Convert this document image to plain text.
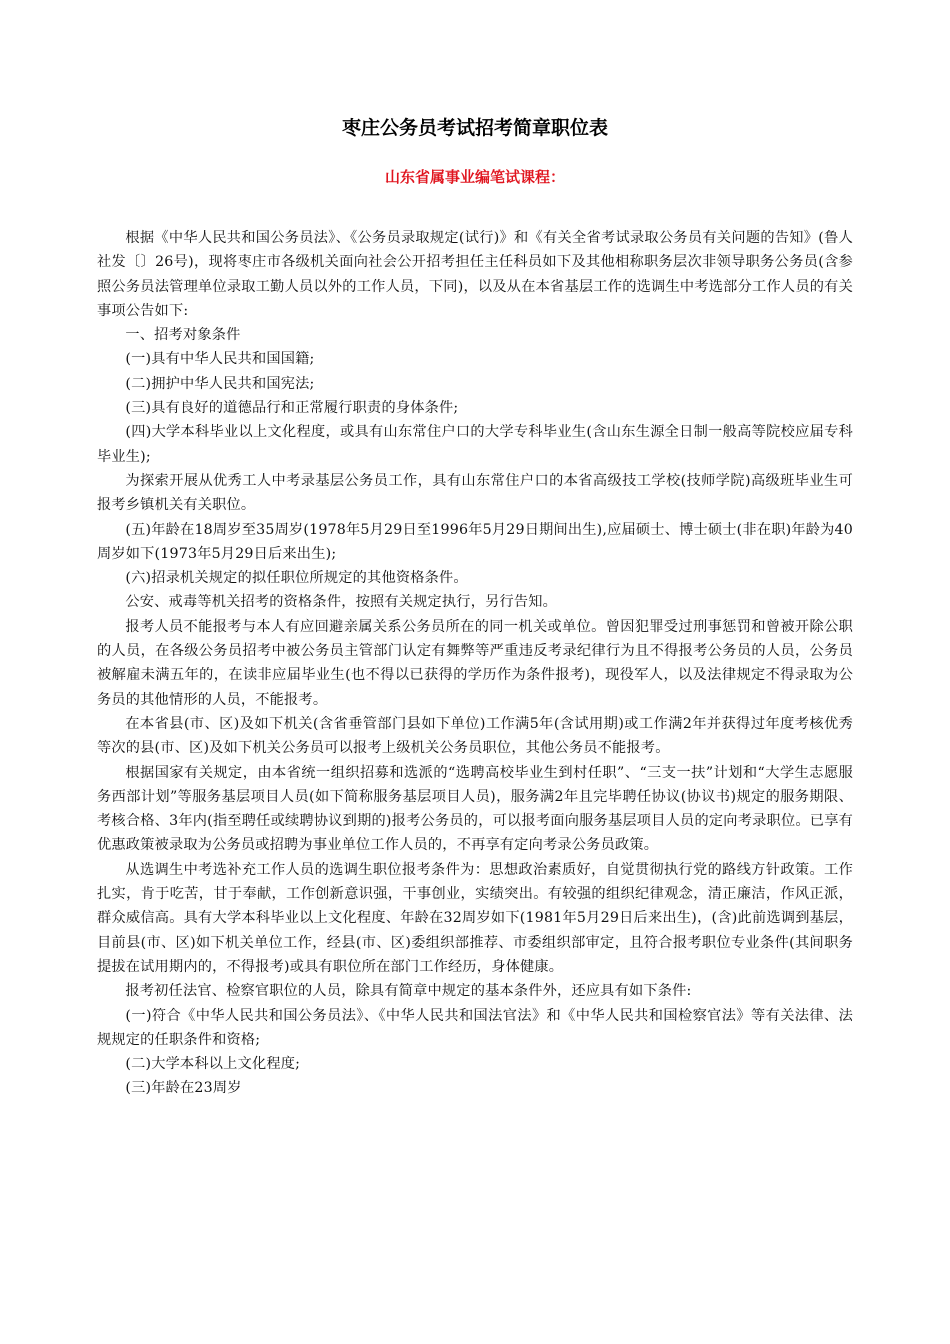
枣庄公务员考试招考简章职位表
山东省属事业编笔试课程：

根据《中华人民共和国公务员法》、《公务员录取规定(试行)》和《有关全省考试录取公务员有关问题的告知》(鲁人社发〔〕26号)，现将枣庄市各级机关面向社会公开招考担任主任科员如下及其他相称职务层次非领导职务公务员(含参照公务员法管理单位录取工勤人员以外的工作人员，下同)，以及从在本省基层工作的选调生中考选部分工作人员的有关事项公告如下:

一、招考对象条件

(一)具有中华人民共和国国籍;

(二)拥护中华人民共和国宪法;

(三)具有良好的道德品行和正常履行职责的身体条件;

(四)大学本科毕业以上文化程度，或具有山东常住户口的大学专科毕业生(含山东生源全日制一般高等院校应届专科毕业生);

为探索开展从优秀工人中考录基层公务员工作，具有山东常住户口的本省高级技工学校(技师学院)高级班毕业生可报考乡镇机关有关职位。

(五)年龄在18周岁至35周岁(1978年5月29日至1996年5月29日期间出生),应届硕士、博士硕士(非在职)年龄为40周岁如下(1973年5月29日后来出生);

(六)招录机关规定的拟任职位所规定的其他资格条件。

公安、戒毒等机关招考的资格条件，按照有关规定执行，另行告知。

报考人员不能报考与本人有应回避亲属关系公务员所在的同一机关或单位。曾因犯罪受过刑事惩罚和曾被开除公职的人员，在各级公务员招考中被公务员主管部门认定有舞弊等严重违反考录纪律行为且不得报考公务员的人员，公务员被解雇未满五年的，在读非应届毕业生(也不得以已获得的学历作为条件报考)，现役军人，以及法律规定不得录取为公务员的其他情形的人员，不能报考。

在本省县(市、区)及如下机关(含省垂管部门县如下单位)工作满5年(含试用期)或工作满2年并获得过年度考核优秀等次的县(市、区)及如下机关公务员可以报考上级机关公务员职位，其他公务员不能报考。

根据国家有关规定，由本省统一组织招募和选派的“选聘高校毕业生到村任职”、“三支一扶”计划和“大学生志愿服务西部计划”等服务基层项目人员(如下简称服务基层项目人员)，服务满2年且完毕聘任协议(协议书)规定的服务期限、考核合格、3年内(指至聘任或续聘协议到期的)报考公务员的，可以报考面向服务基层项目人员的定向考录职位。已享有优惠政策被录取为公务员或招聘为事业单位工作人员的，不再享有定向考录公务员政策。

从选调生中考选补充工作人员的选调生职位报考条件为：思想政治素质好，自觉贯彻执行党的路线方针政策。工作扎实，肯于吃苦，甘于奉献，工作创新意识强，干事创业，实绩突出。有较强的组织纪律观念，清正廉洁，作风正派，群众威信高。具有大学本科毕业以上文化程度、年龄在32周岁如下(1981年5月29日后来出生)，(含)此前选调到基层，目前县(市、区)如下机关单位工作，经县(市、区)委组织部推荐、市委组织部审定，且符合报考职位专业条件(其间职务提拔在试用期内的，不得报考)或具有职位所在部门工作经历，身体健康。

报考初任法官、检察官职位的人员，除具有简章中规定的基本条件外，还应具有如下条件:

(一)符合《中华人民共和国公务员法》、《中华人民共和国法官法》和《中华人民共和国检察官法》等有关法律、法规规定的任职条件和资格;

(二)大学本科以上文化程度;

(三)年龄在23周岁
